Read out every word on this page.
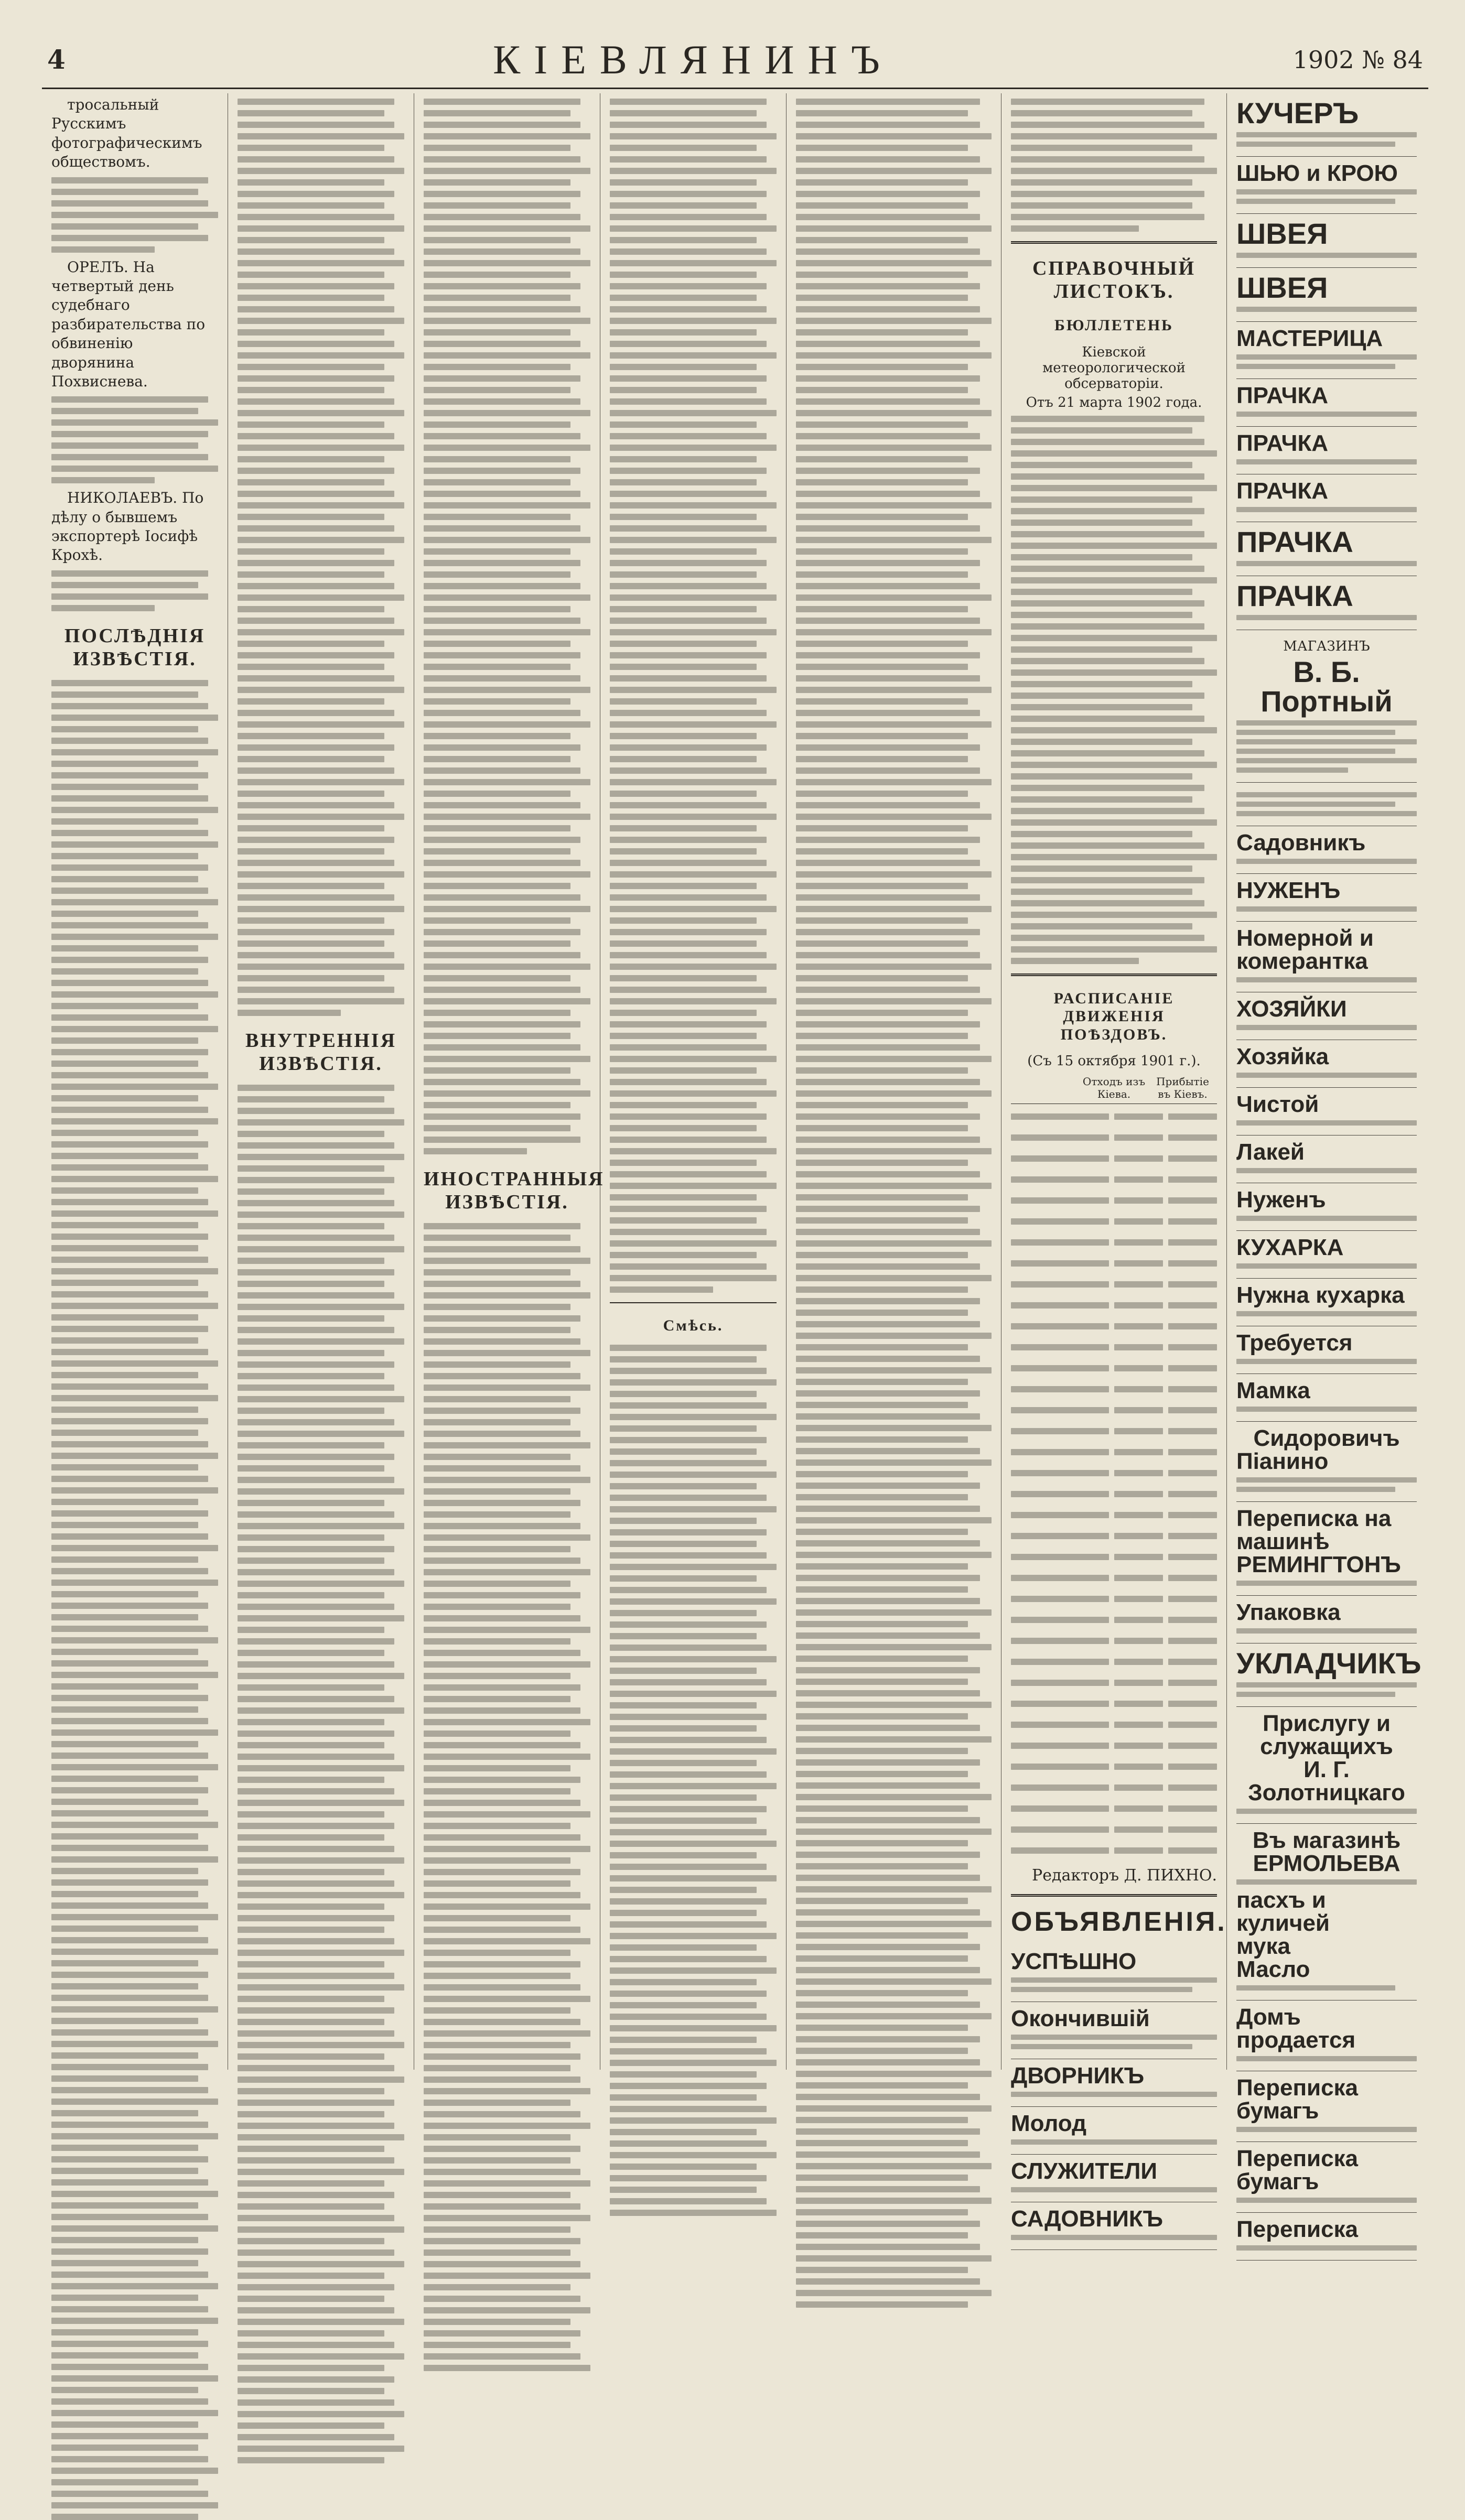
4	КІЕВЛЯНИНЪ	1902 № 84

тросальный Русскимъ фотографическимъ обществомъ.

ОРЕЛЪ. На четвертый день судебнаго разбирательства по обвиненію дворянина Похвиснева.

НИКОЛАЕВЪ. По дѣлу о бывшемъ экспортерѣ Іосифѣ Крохѣ.

ПОСЛѢДНІЯ ИЗВѢСТІЯ.
ВНУТРЕННІЯ ИЗВѢСТІЯ.
ИНОСТРАННЫЯ ИЗВѢСТІЯ.
Смѣсь.
СПРАВОЧНЫЙ ЛИСТОКЪ.
БЮЛЛЕТЕНЬ
Кіевской метеорологической обсерваторіи.
Отъ 21 марта 1902 года.
РАСПИСАНІЕ ДВИЖЕНІЯ ПОѢЗДОВЪ.
(Съ 15 октября 1901 г.).
Отходъ изъ Кіева.
Прибытіе въ Кіевъ.
Редакторъ Д. ПИХНО.
ОБЪЯВЛЕНІЯ.
УСПѢШНО
Окончившій
ДВОРНИКЪ
Молод
СЛУЖИТЕЛИ
САДОВНИКЪ
КУЧЕРЪ
ШЬЮ и КРОЮ
ШВЕЯ
ШВЕЯ
МАСТЕРИЦА
ПРАЧКА
ПРАЧКА
ПРАЧКА
ПРАЧКА
ПРАЧКА
МАГАЗИНЪ
В. Б. Портный
Садовникъ
НУЖЕНЪ
Номерной и комерантка
ХОЗЯЙКИ
Хозяйка
Чистой
Лакей
Нуженъ
КУХАРКА
Нужна кухарка
Требуется
Мамка
Сидоровичъ
Піанино
Переписка на машинѣ РЕМИНГТОНЪ
Упаковка
УКЛАДЧИКЪ
Прислугу и служащихъ
И. Г. Золотницкаго
Въ магазинѣ ЕРМОЛЬЕВА
пасхъ и куличей
мука
Масло
Домъ продается
Переписка бумагъ
Переписка бумагъ
Переписка
